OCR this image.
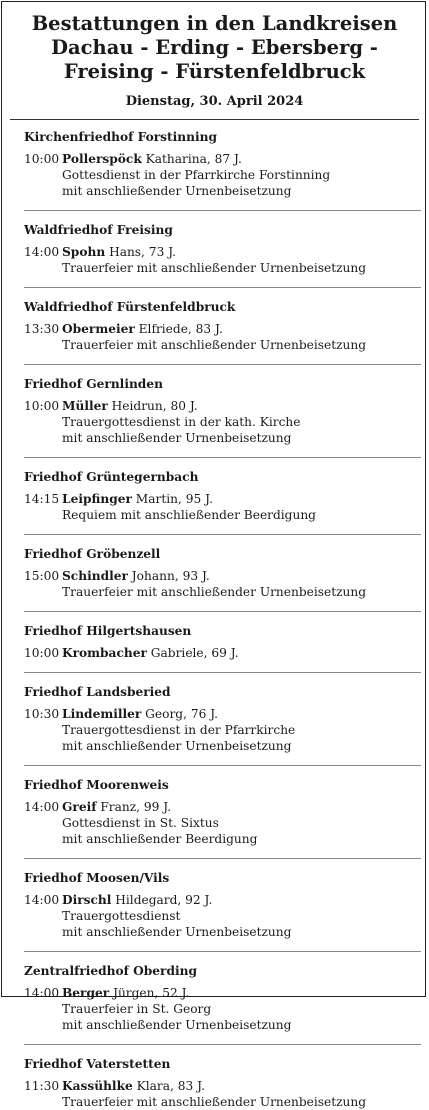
Bestattungen in den Landkreisen
Dachau - Erding - Ebersberg -
Freising - Fürstenfeldbruck
Dienstag, 30. April 2024
Kirchenfriedhof Forstinning
10:00 Pollerspöck Katharina, 87 J.
Gottesdienst in der Pfarrkirche Forstinning
mit anschließender Urnenbeisetzung
Waldfriedhof Freising
14:00 Spohn Hans, 73 J.
Trauerfeier mit anschließender Urnenbeisetzung
Waldfriedhof Fürstenfeldbruck
13:30 Obermeier Elfriede, 83 J.
Trauerfeier mit anschließender Urnenbeisetzung
Friedhof Gernlinden
10:00 Müller Heidrun, 80 J.
Trauergottesdienst in der kath. Kirche
mit anschließender Urnenbeisetzung
Friedhof Grüntegernbach
14:15 Leipfinger Martin, 95 J.
Requiem mit anschließender Beerdigung
Friedhof Gröbenzell
15:00 Schindler Johann, 93 J.
Trauerfeier mit anschließender Urnenbeisetzung
Friedhof Hilgertshausen
10:00 Krombacher Gabriele, 69 J.
Friedhof Landsberied
10:30 Lindemiller Georg, 76 J.
Trauergottesdienst in der Pfarrkirche
mit anschließender Urnenbeisetzung
Friedhof Moorenweis
14:00 Greif Franz, 99 J.
Gottesdienst in St. Sixtus
mit anschließender Beerdigung
Friedhof Moosen/Vils
14:00 Dirschl Hildegard, 92 J.
Trauergottesdienst
mit anschließender Urnenbeisetzung
Zentralfriedhof Oberding
14:00 Berger Jürgen, 52 J.
Trauerfeier in St. Georg
mit anschließender Urnenbeisetzung
Friedhof Vaterstetten
11:30 Kassühlke Klara, 83 J.
Trauerfeier mit anschließender Urnenbeisetzung
